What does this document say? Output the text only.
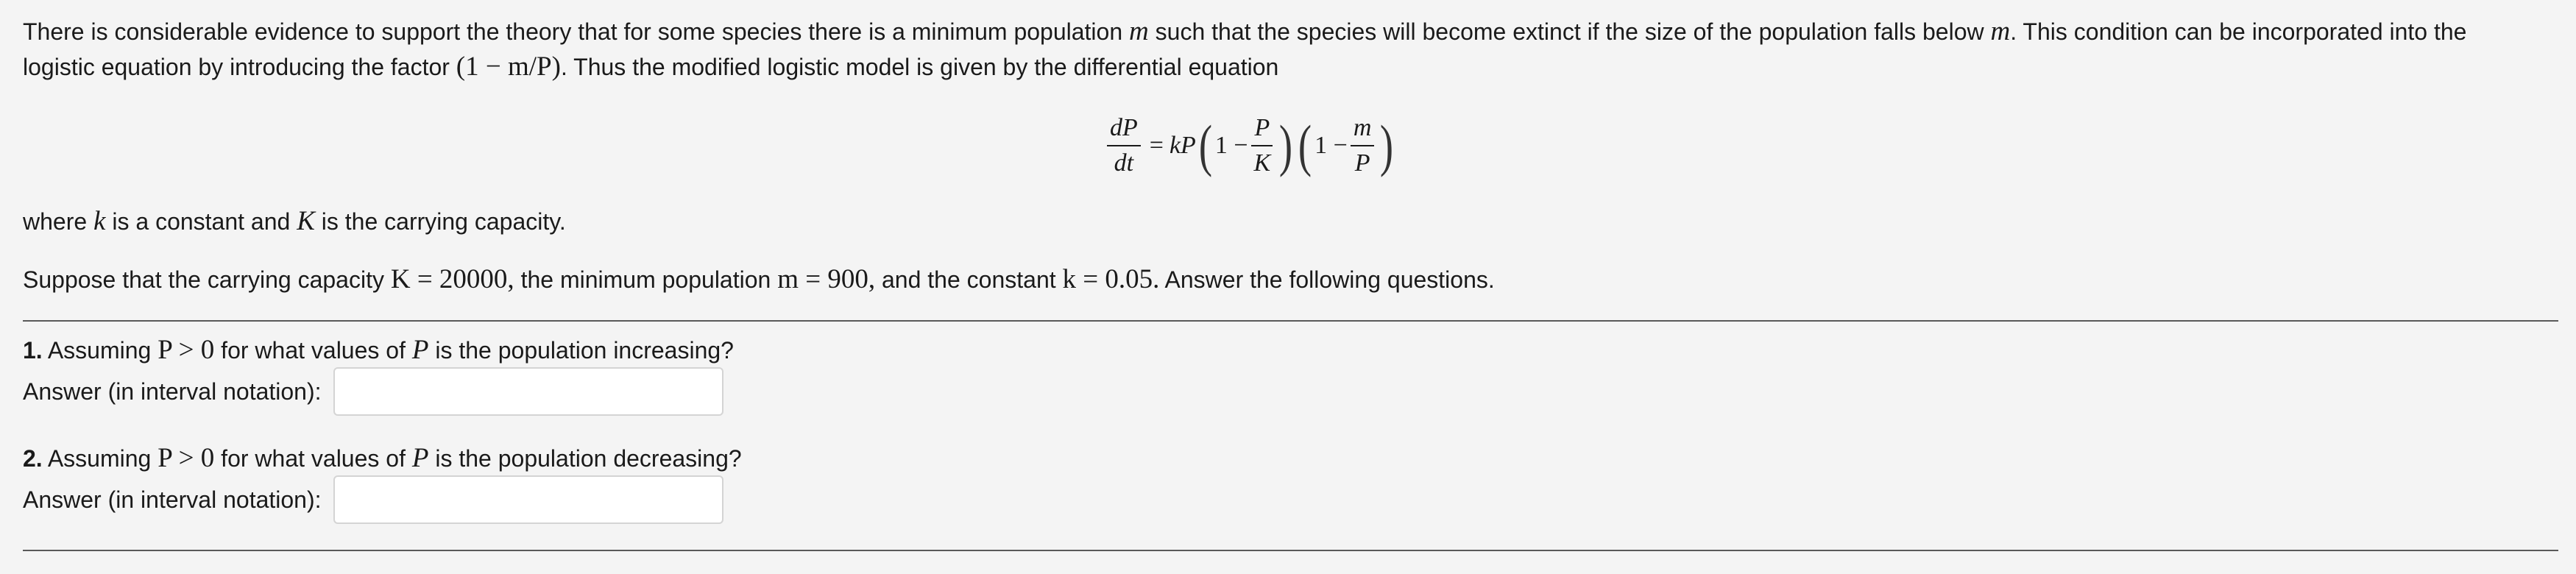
There is considerable evidence to support the theory that for some species there is a minimum population m such that the species will become extinct if the size of the population falls below m. This condition can be incorporated into the
logistic equation by introducing the factor (1 − m/P). Thus the modified logistic model is given by the differential equation
$\frac{dP}{dt}$ = kP ( $1 - \frac{P}{K}$ ) ( $1 - \frac{m}{P}$ )
where k is a constant and K is the carrying capacity.
Suppose that the carrying capacity K = 20000, the minimum population m = 900, and the constant k = 0.05. Answer the following questions.
1. Assuming P > 0 for what values of P is the population increasing?
Answer (in interval notation):
2. Assuming P > 0 for what values of P is the population decreasing?
Answer (in interval notation):
